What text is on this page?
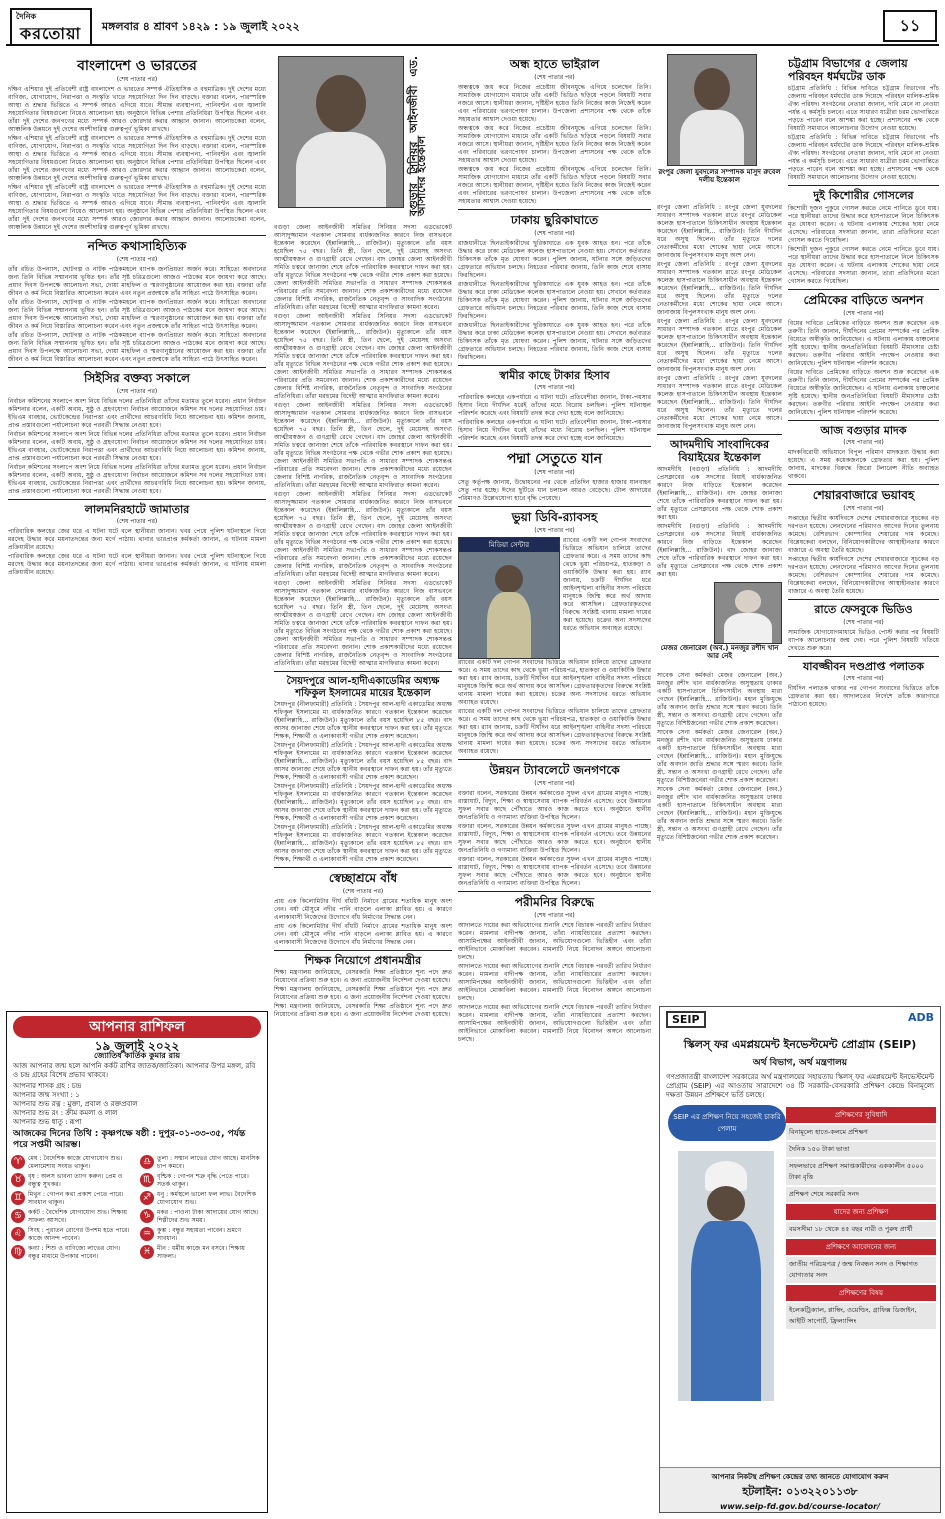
দৈনিক
করতোয়া মঙ্গলবার ৪ শ্রাবণ ১৪২৯ : ১৯ জুলাই ২০২২	১১
বাংলাদেশ ও ভারতের
(শেষ পাতার পর)

দক্ষিণ এশিয়ার দুই প্রতিবেশী রাষ্ট্র বাংলাদেশ ও ভারতের সম্পর্ক ঐতিহাসিক ও বহুমাত্রিক। দুই দেশের মধ্যে বাণিজ্য, যোগাযোগ, নিরাপত্তা ও সংস্কৃতি খাতে সহযোগিতা দিন দিন বাড়ছে। বক্তারা বলেন, পারস্পরিক আস্থা ও শ্রদ্ধার ভিত্তিতে এ সম্পর্ক আরও এগিয়ে যাবে। সীমান্ত ব্যবস্থাপনা, পানিবণ্টন এবং জ্বালানি সহযোগিতার বিষয়গুলো নিয়েও আলোচনা হয়। অনুষ্ঠানে বিভিন্ন পেশার প্রতিনিধিরা উপস্থিত ছিলেন এবং তাঁরা দুই দেশের জনগণের মধ্যে সম্পর্ক আরও জোরদার করার আহ্বান জানান। আলোচকেরা বলেন, আঞ্চলিক উন্নয়নে দুই দেশের অংশীদারিত্ব গুরুত্বপূর্ণ ভূমিকা রাখছে।

দক্ষিণ এশিয়ার দুই প্রতিবেশী রাষ্ট্র বাংলাদেশ ও ভারতের সম্পর্ক ঐতিহাসিক ও বহুমাত্রিক। দুই দেশের মধ্যে বাণিজ্য, যোগাযোগ, নিরাপত্তা ও সংস্কৃতি খাতে সহযোগিতা দিন দিন বাড়ছে। বক্তারা বলেন, পারস্পরিক আস্থা ও শ্রদ্ধার ভিত্তিতে এ সম্পর্ক আরও এগিয়ে যাবে। সীমান্ত ব্যবস্থাপনা, পানিবণ্টন এবং জ্বালানি সহযোগিতার বিষয়গুলো নিয়েও আলোচনা হয়। অনুষ্ঠানে বিভিন্ন পেশার প্রতিনিধিরা উপস্থিত ছিলেন এবং তাঁরা দুই দেশের জনগণের মধ্যে সম্পর্ক আরও জোরদার করার আহ্বান জানান। আলোচকেরা বলেন, আঞ্চলিক উন্নয়নে দুই দেশের অংশীদারিত্ব গুরুত্বপূর্ণ ভূমিকা রাখছে।

দক্ষিণ এশিয়ার দুই প্রতিবেশী রাষ্ট্র বাংলাদেশ ও ভারতের সম্পর্ক ঐতিহাসিক ও বহুমাত্রিক। দুই দেশের মধ্যে বাণিজ্য, যোগাযোগ, নিরাপত্তা ও সংস্কৃতি খাতে সহযোগিতা দিন দিন বাড়ছে। বক্তারা বলেন, পারস্পরিক আস্থা ও শ্রদ্ধার ভিত্তিতে এ সম্পর্ক আরও এগিয়ে যাবে। সীমান্ত ব্যবস্থাপনা, পানিবণ্টন এবং জ্বালানি সহযোগিতার বিষয়গুলো নিয়েও আলোচনা হয়। অনুষ্ঠানে বিভিন্ন পেশার প্রতিনিধিরা উপস্থিত ছিলেন এবং তাঁরা দুই দেশের জনগণের মধ্যে সম্পর্ক আরও জোরদার করার আহ্বান জানান। আলোচকেরা বলেন, আঞ্চলিক উন্নয়নে দুই দেশের অংশীদারিত্ব গুরুত্বপূর্ণ ভূমিকা রাখছে।

নন্দিত কথাসাহিত্যিক
(শেষ পাতার পর)

তাঁর রচিত উপন্যাস, ছোটগল্প ও নাটক পাঠকমহলে ব্যাপক জনপ্রিয়তা অর্জন করে। সাহিত্যে অবদানের জন্য তিনি বিভিন্ন সম্মাননায় ভূষিত হন। তাঁর সৃষ্ট চরিত্রগুলো আজও পাঠকের মনে জায়গা করে আছে। প্রয়াণ দিবস উপলক্ষে আলোচনা সভা, দোয়া মাহফিল ও স্মরণানুষ্ঠানের আয়োজন করা হয়। বক্তারা তাঁর জীবন ও কর্ম নিয়ে বিস্তারিত আলোচনা করেন এবং নতুন প্রজন্মকে তাঁর সাহিত্য পাঠে উৎসাহিত করেন।

তাঁর রচিত উপন্যাস, ছোটগল্প ও নাটক পাঠকমহলে ব্যাপক জনপ্রিয়তা অর্জন করে। সাহিত্যে অবদানের জন্য তিনি বিভিন্ন সম্মাননায় ভূষিত হন। তাঁর সৃষ্ট চরিত্রগুলো আজও পাঠকের মনে জায়গা করে আছে। প্রয়াণ দিবস উপলক্ষে আলোচনা সভা, দোয়া মাহফিল ও স্মরণানুষ্ঠানের আয়োজন করা হয়। বক্তারা তাঁর জীবন ও কর্ম নিয়ে বিস্তারিত আলোচনা করেন এবং নতুন প্রজন্মকে তাঁর সাহিত্য পাঠে উৎসাহিত করেন।

তাঁর রচিত উপন্যাস, ছোটগল্প ও নাটক পাঠকমহলে ব্যাপক জনপ্রিয়তা অর্জন করে। সাহিত্যে অবদানের জন্য তিনি বিভিন্ন সম্মাননায় ভূষিত হন। তাঁর সৃষ্ট চরিত্রগুলো আজও পাঠকের মনে জায়গা করে আছে। প্রয়াণ দিবস উপলক্ষে আলোচনা সভা, দোয়া মাহফিল ও স্মরণানুষ্ঠানের আয়োজন করা হয়। বক্তারা তাঁর জীবন ও কর্ম নিয়ে বিস্তারিত আলোচনা করেন এবং নতুন প্রজন্মকে তাঁর সাহিত্য পাঠে উৎসাহিত করেন।

সিইসির বক্তব্য সকালে
(শেষ পাতার পর)

নির্বাচন কমিশনের সংলাপে অংশ নিয়ে বিভিন্ন দলের প্রতিনিধিরা তাঁদের মতামত তুলে ধরেন। প্রধান নির্বাচন কমিশনার বলেন, একটি অবাধ, সুষ্ঠু ও গ্রহণযোগ্য নির্বাচন আয়োজনে কমিশন সব দলের সহযোগিতা চায়। ইভিএম ব্যবহার, ভোটকেন্দ্রের নিরাপত্তা এবং প্রার্থীদের আচরণবিধি নিয়ে আলোচনা হয়। কমিশন জানায়, প্রাপ্ত প্রস্তাবগুলো পর্যালোচনা করে পরবর্তী সিদ্ধান্ত নেওয়া হবে।

নির্বাচন কমিশনের সংলাপে অংশ নিয়ে বিভিন্ন দলের প্রতিনিধিরা তাঁদের মতামত তুলে ধরেন। প্রধান নির্বাচন কমিশনার বলেন, একটি অবাধ, সুষ্ঠু ও গ্রহণযোগ্য নির্বাচন আয়োজনে কমিশন সব দলের সহযোগিতা চায়। ইভিএম ব্যবহার, ভোটকেন্দ্রের নিরাপত্তা এবং প্রার্থীদের আচরণবিধি নিয়ে আলোচনা হয়। কমিশন জানায়, প্রাপ্ত প্রস্তাবগুলো পর্যালোচনা করে পরবর্তী সিদ্ধান্ত নেওয়া হবে।

নির্বাচন কমিশনের সংলাপে অংশ নিয়ে বিভিন্ন দলের প্রতিনিধিরা তাঁদের মতামত তুলে ধরেন। প্রধান নির্বাচন কমিশনার বলেন, একটি অবাধ, সুষ্ঠু ও গ্রহণযোগ্য নির্বাচন আয়োজনে কমিশন সব দলের সহযোগিতা চায়। ইভিএম ব্যবহার, ভোটকেন্দ্রের নিরাপত্তা এবং প্রার্থীদের আচরণবিধি নিয়ে আলোচনা হয়। কমিশন জানায়, প্রাপ্ত প্রস্তাবগুলো পর্যালোচনা করে পরবর্তী সিদ্ধান্ত নেওয়া হবে।

লালমনিরহাটে জামাতার
(শেষ পাতার পর)

পারিবারিক কলহের জের ধরে এ ঘটনা ঘটে বলে স্থানীয়রা জানান। খবর পেয়ে পুলিশ ঘটনাস্থলে গিয়ে মরদেহ উদ্ধার করে ময়নাতদন্তের জন্য মর্গে পাঠায়। থানার ভারপ্রাপ্ত কর্মকর্তা জানান, এ ঘটনায় মামলা প্রক্রিয়াধীন রয়েছে।

পারিবারিক কলহের জের ধরে এ ঘটনা ঘটে বলে স্থানীয়রা জানান। খবর পেয়ে পুলিশ ঘটনাস্থলে গিয়ে মরদেহ উদ্ধার করে ময়নাতদন্তের জন্য মর্গে পাঠায়। থানার ভারপ্রাপ্ত কর্মকর্তা জানান, এ ঘটনায় মামলা প্রক্রিয়াধীন রয়েছে।

আপনার রাশিফল
১৯ জুলাই ২০২২
জ্যোতিষ কার্তিক কুমার রায়
আজ আপনার জন্ম হলে আপনি কর্কট রাশির জাতক/জাতিকা। আপনার উপর মঙ্গল, রবি ও চন্দ্র গ্রহের বিশেষ প্রভাব থাকবে।
আপনার শাসক গ্রহ : চন্দ্র
আপনার জন্ম সংখ্যা : ১
আপনার শুভ রত্ন : মুক্তা, প্রবাল ও রক্তপ্রবাল
আপনার শুভ রং : ক্রীম কমলা ও লাল
আপনার শুভ ধাতু : রূপা
আজকের দিনের তিথি : কৃষ্ণপক্ষে ষষ্ঠী : দুপুর-০১-৩৩-৩৫, পর্যন্ত পরে সপ্তমী আরম্ভ।
♈ মেষ : বৈদেশিক কাজে যোগাযোগ শুভ। মেলামেশায় সংযত থাকুন।	♎ তুলা : সম্মান লাভের যোগ আছে। মানসিক চাপ কমবে।
♉ বৃষ : অলস ভাবনা ত্যাগ করুন। প্রেম ও বন্ধুত্ব সুখকর।	♏ বৃশ্চিক : গোপন শত্রু বৃদ্ধি পেতে পারে। সতর্ক থাকুন।
♊ মিথুন : গোপন কথা প্রকাশ পেতে পারে। সাবধান থাকুন।	♐ ধনু : কর্মস্থলে ভালো ফল লাভ। বৈদেশিক যোগাযোগ শুভ।
♋ কর্কট : বৈদেশিক যোগাযোগ শুভ। শিক্ষায় সাফল্য আসবে।	♑ মকর : পাওনা টাকা আদায়ের যোগ আছে। শিল্পীদের শুভ সময়।
♌ সিংহ : পুরাতন রোগের উপশম হতে পারে। কাজে আনন্দ পাবেন।	♒ কুম্ভ : বন্ধুর সহায়তা পাবেন। ভ্রমণে সাবধান।
♍ কন্যা : শিশু ও বাণিজ্যে লাভের যোগ। বন্ধুর মাধ্যমে উপকার পাবেন।	♓ মীন : ধর্মীয় কাজে মন বসবে। শিক্ষায় সাফল্য।
বগুড়ার সিনিয়র আইনজীবী এড. আসাদের ইন্তেকাল

বগুড়া জেলা আইনজীবী সমিতির সিনিয়র সদস্য এডভোকেট আসাদুজ্জামান গতকাল সোমবার বার্ধক্যজনিত কারণে নিজ বাসভবনে ইন্তেকাল করেছেন (ইন্নালিল্লাহি... রাজিউন)। মৃত্যুকালে তাঁর বয়স হয়েছিল ৭৫ বছর। তিনি স্ত্রী, তিন ছেলে, দুই মেয়েসহ অসংখ্য আত্মীয়স্বজন ও গুণগ্রাহী রেখে গেছেন। বাদ জোহর জেলা আইনজীবী সমিতি চত্বরে জানাজা শেষে তাঁকে পারিবারিক কবরস্থানে দাফন করা হয়। তাঁর মৃত্যুতে বিভিন্ন সংগঠনের পক্ষ থেকে গভীর শোক প্রকাশ করা হয়েছে। জেলা আইনজীবী সমিতির সভাপতি ও সাধারণ সম্পাদক শোকসন্তপ্ত পরিবারের প্রতি সমবেদনা জানান। শোক প্রকাশকারীদের মধ্যে রয়েছেন জেলার বিশিষ্ট নাগরিক, রাজনৈতিক নেতৃবৃন্দ ও সাংবাদিক সংগঠনের প্রতিনিধিরা। তাঁরা মরহুমের বিদেহী আত্মার মাগফিরাত কামনা করেন।

বগুড়া জেলা আইনজীবী সমিতির সিনিয়র সদস্য এডভোকেট আসাদুজ্জামান গতকাল সোমবার বার্ধক্যজনিত কারণে নিজ বাসভবনে ইন্তেকাল করেছেন (ইন্নালিল্লাহি... রাজিউন)। মৃত্যুকালে তাঁর বয়স হয়েছিল ৭৫ বছর। তিনি স্ত্রী, তিন ছেলে, দুই মেয়েসহ অসংখ্য আত্মীয়স্বজন ও গুণগ্রাহী রেখে গেছেন। বাদ জোহর জেলা আইনজীবী সমিতি চত্বরে জানাজা শেষে তাঁকে পারিবারিক কবরস্থানে দাফন করা হয়। তাঁর মৃত্যুতে বিভিন্ন সংগঠনের পক্ষ থেকে গভীর শোক প্রকাশ করা হয়েছে। জেলা আইনজীবী সমিতির সভাপতি ও সাধারণ সম্পাদক শোকসন্তপ্ত পরিবারের প্রতি সমবেদনা জানান। শোক প্রকাশকারীদের মধ্যে রয়েছেন জেলার বিশিষ্ট নাগরিক, রাজনৈতিক নেতৃবৃন্দ ও সাংবাদিক সংগঠনের প্রতিনিধিরা। তাঁরা মরহুমের বিদেহী আত্মার মাগফিরাত কামনা করেন।

বগুড়া জেলা আইনজীবী সমিতির সিনিয়র সদস্য এডভোকেট আসাদুজ্জামান গতকাল সোমবার বার্ধক্যজনিত কারণে নিজ বাসভবনে ইন্তেকাল করেছেন (ইন্নালিল্লাহি... রাজিউন)। মৃত্যুকালে তাঁর বয়স হয়েছিল ৭৫ বছর। তিনি স্ত্রী, তিন ছেলে, দুই মেয়েসহ অসংখ্য আত্মীয়স্বজন ও গুণগ্রাহী রেখে গেছেন। বাদ জোহর জেলা আইনজীবী সমিতি চত্বরে জানাজা শেষে তাঁকে পারিবারিক কবরস্থানে দাফন করা হয়। তাঁর মৃত্যুতে বিভিন্ন সংগঠনের পক্ষ থেকে গভীর শোক প্রকাশ করা হয়েছে। জেলা আইনজীবী সমিতির সভাপতি ও সাধারণ সম্পাদক শোকসন্তপ্ত পরিবারের প্রতি সমবেদনা জানান। শোক প্রকাশকারীদের মধ্যে রয়েছেন জেলার বিশিষ্ট নাগরিক, রাজনৈতিক নেতৃবৃন্দ ও সাংবাদিক সংগঠনের প্রতিনিধিরা। তাঁরা মরহুমের বিদেহী আত্মার মাগফিরাত কামনা করেন।

বগুড়া জেলা আইনজীবী সমিতির সিনিয়র সদস্য এডভোকেট আসাদুজ্জামান গতকাল সোমবার বার্ধক্যজনিত কারণে নিজ বাসভবনে ইন্তেকাল করেছেন (ইন্নালিল্লাহি... রাজিউন)। মৃত্যুকালে তাঁর বয়স হয়েছিল ৭৫ বছর। তিনি স্ত্রী, তিন ছেলে, দুই মেয়েসহ অসংখ্য আত্মীয়স্বজন ও গুণগ্রাহী রেখে গেছেন। বাদ জোহর জেলা আইনজীবী সমিতি চত্বরে জানাজা শেষে তাঁকে পারিবারিক কবরস্থানে দাফন করা হয়। তাঁর মৃত্যুতে বিভিন্ন সংগঠনের পক্ষ থেকে গভীর শোক প্রকাশ করা হয়েছে। জেলা আইনজীবী সমিতির সভাপতি ও সাধারণ সম্পাদক শোকসন্তপ্ত পরিবারের প্রতি সমবেদনা জানান। শোক প্রকাশকারীদের মধ্যে রয়েছেন জেলার বিশিষ্ট নাগরিক, রাজনৈতিক নেতৃবৃন্দ ও সাংবাদিক সংগঠনের প্রতিনিধিরা। তাঁরা মরহুমের বিদেহী আত্মার মাগফিরাত কামনা করেন।

বগুড়া জেলা আইনজীবী সমিতির সিনিয়র সদস্য এডভোকেট আসাদুজ্জামান গতকাল সোমবার বার্ধক্যজনিত কারণে নিজ বাসভবনে ইন্তেকাল করেছেন (ইন্নালিল্লাহি... রাজিউন)। মৃত্যুকালে তাঁর বয়স হয়েছিল ৭৫ বছর। তিনি স্ত্রী, তিন ছেলে, দুই মেয়েসহ অসংখ্য আত্মীয়স্বজন ও গুণগ্রাহী রেখে গেছেন। বাদ জোহর জেলা আইনজীবী সমিতি চত্বরে জানাজা শেষে তাঁকে পারিবারিক কবরস্থানে দাফন করা হয়। তাঁর মৃত্যুতে বিভিন্ন সংগঠনের পক্ষ থেকে গভীর শোক প্রকাশ করা হয়েছে। জেলা আইনজীবী সমিতির সভাপতি ও সাধারণ সম্পাদক শোকসন্তপ্ত পরিবারের প্রতি সমবেদনা জানান। শোক প্রকাশকারীদের মধ্যে রয়েছেন জেলার বিশিষ্ট নাগরিক, রাজনৈতিক নেতৃবৃন্দ ও সাংবাদিক সংগঠনের প্রতিনিধিরা। তাঁরা মরহুমের বিদেহী আত্মার মাগফিরাত কামনা করেন।

সৈয়দপুরে আল-হাদীএকাডেমির অধ্যক্ষ শফিকুল ইসলামের মায়ের ইন্তেকাল

সৈয়দপুর (নীলফামারী) প্রতিনিধি : সৈয়দপুর আল-হাদী একাডেমির অধ্যক্ষ শফিকুল ইসলামের মা বার্ধক্যজনিত কারণে গতকাল ইন্তেকাল করেছেন (ইন্নালিল্লাহি... রাজিউন)। মৃত্যুকালে তাঁর বয়স হয়েছিল ৮৫ বছর। বাদ আসর জানাজা শেষে তাঁকে স্থানীয় কবরস্থানে দাফন করা হয়। তাঁর মৃত্যুতে শিক্ষক, শিক্ষার্থী ও এলাকাবাসী গভীর শোক প্রকাশ করেছেন।

সৈয়দপুর (নীলফামারী) প্রতিনিধি : সৈয়দপুর আল-হাদী একাডেমির অধ্যক্ষ শফিকুল ইসলামের মা বার্ধক্যজনিত কারণে গতকাল ইন্তেকাল করেছেন (ইন্নালিল্লাহি... রাজিউন)। মৃত্যুকালে তাঁর বয়স হয়েছিল ৮৫ বছর। বাদ আসর জানাজা শেষে তাঁকে স্থানীয় কবরস্থানে দাফন করা হয়। তাঁর মৃত্যুতে শিক্ষক, শিক্ষার্থী ও এলাকাবাসী গভীর শোক প্রকাশ করেছেন।

সৈয়দপুর (নীলফামারী) প্রতিনিধি : সৈয়দপুর আল-হাদী একাডেমির অধ্যক্ষ শফিকুল ইসলামের মা বার্ধক্যজনিত কারণে গতকাল ইন্তেকাল করেছেন (ইন্নালিল্লাহি... রাজিউন)। মৃত্যুকালে তাঁর বয়স হয়েছিল ৮৫ বছর। বাদ আসর জানাজা শেষে তাঁকে স্থানীয় কবরস্থানে দাফন করা হয়। তাঁর মৃত্যুতে শিক্ষক, শিক্ষার্থী ও এলাকাবাসী গভীর শোক প্রকাশ করেছেন।

সৈয়দপুর (নীলফামারী) প্রতিনিধি : সৈয়দপুর আল-হাদী একাডেমির অধ্যক্ষ শফিকুল ইসলামের মা বার্ধক্যজনিত কারণে গতকাল ইন্তেকাল করেছেন (ইন্নালিল্লাহি... রাজিউন)। মৃত্যুকালে তাঁর বয়স হয়েছিল ৮৫ বছর। বাদ আসর জানাজা শেষে তাঁকে স্থানীয় কবরস্থানে দাফন করা হয়। তাঁর মৃত্যুতে শিক্ষক, শিক্ষার্থী ও এলাকাবাসী গভীর শোক প্রকাশ করেছেন।

স্বেচ্ছাশ্রমে বাঁধ
(শেষ পাতার পর)

প্রায় এক কিলোমিটার দীর্ঘ বাঁধটি নির্মাণে গ্রামের শতাধিক মানুষ অংশ নেন। বর্ষা মৌসুমে নদীর পানি বাড়লে এলাকা প্লাবিত হয়। এ কারণে এলাকাবাসী নিজেদের উদ্যোগে বাঁধ নির্মাণের সিদ্ধান্ত নেন।

প্রায় এক কিলোমিটার দীর্ঘ বাঁধটি নির্মাণে গ্রামের শতাধিক মানুষ অংশ নেন। বর্ষা মৌসুমে নদীর পানি বাড়লে এলাকা প্লাবিত হয়। এ কারণে এলাকাবাসী নিজেদের উদ্যোগে বাঁধ নির্মাণের সিদ্ধান্ত নেন।

শিক্ষক নিয়োগে প্রধানমন্ত্রীর

শিক্ষা মন্ত্রণালয় জানিয়েছে, বেসরকারি শিক্ষা প্রতিষ্ঠানে শূন্য পদে দ্রুত নিয়োগের প্রক্রিয়া শুরু হবে। এ জন্য প্রয়োজনীয় নির্দেশনা দেওয়া হয়েছে।

শিক্ষা মন্ত্রণালয় জানিয়েছে, বেসরকারি শিক্ষা প্রতিষ্ঠানে শূন্য পদে দ্রুত নিয়োগের প্রক্রিয়া শুরু হবে। এ জন্য প্রয়োজনীয় নির্দেশনা দেওয়া হয়েছে।

শিক্ষা মন্ত্রণালয় জানিয়েছে, বেসরকারি শিক্ষা প্রতিষ্ঠানে শূন্য পদে দ্রুত নিয়োগের প্রক্রিয়া শুরু হবে। এ জন্য প্রয়োজনীয় নির্দেশনা দেওয়া হয়েছে।

অন্ধ হাতে ভাইরাল
(শেষ পাতার পর)

অন্ধত্বকে জয় করে নিজের প্রচেষ্টায় জীবনযুদ্ধে এগিয়ে চলেছেন তিনি। সামাজিক যোগাযোগ মাধ্যমে তাঁর একটি ভিডিও ছড়িয়ে পড়লে বিষয়টি সবার নজরে আসে। স্থানীয়রা জানান, দৃষ্টিহীন হয়েও তিনি নিজের কাজ নিজেই করেন এবং পরিবারের ভরণপোষণ চালান। উপজেলা প্রশাসনের পক্ষ থেকে তাঁকে সহায়তার আশ্বাস দেওয়া হয়েছে।

অন্ধত্বকে জয় করে নিজের প্রচেষ্টায় জীবনযুদ্ধে এগিয়ে চলেছেন তিনি। সামাজিক যোগাযোগ মাধ্যমে তাঁর একটি ভিডিও ছড়িয়ে পড়লে বিষয়টি সবার নজরে আসে। স্থানীয়রা জানান, দৃষ্টিহীন হয়েও তিনি নিজের কাজ নিজেই করেন এবং পরিবারের ভরণপোষণ চালান। উপজেলা প্রশাসনের পক্ষ থেকে তাঁকে সহায়তার আশ্বাস দেওয়া হয়েছে।

অন্ধত্বকে জয় করে নিজের প্রচেষ্টায় জীবনযুদ্ধে এগিয়ে চলেছেন তিনি। সামাজিক যোগাযোগ মাধ্যমে তাঁর একটি ভিডিও ছড়িয়ে পড়লে বিষয়টি সবার নজরে আসে। স্থানীয়রা জানান, দৃষ্টিহীন হয়েও তিনি নিজের কাজ নিজেই করেন এবং পরিবারের ভরণপোষণ চালান। উপজেলা প্রশাসনের পক্ষ থেকে তাঁকে সহায়তার আশ্বাস দেওয়া হয়েছে।

ঢাকায় ছুরিকাঘাতে
(শেষ পাতার পর)

রাজধানীতে ছিনতাইকারীদের ছুরিকাঘাতে এক যুবক আহত হন। পরে তাঁকে উদ্ধার করে ঢাকা মেডিকেল কলেজ হাসপাতালে নেওয়া হয়। সেখানে কর্তব্যরত চিকিৎসক তাঁকে মৃত ঘোষণা করেন। পুলিশ জানায়, ঘটনার সঙ্গে জড়িতদের গ্রেফতারে অভিযান চলছে। নিহতের পরিবার জানায়, তিনি কাজ শেষে বাসায় ফিরছিলেন।

রাজধানীতে ছিনতাইকারীদের ছুরিকাঘাতে এক যুবক আহত হন। পরে তাঁকে উদ্ধার করে ঢাকা মেডিকেল কলেজ হাসপাতালে নেওয়া হয়। সেখানে কর্তব্যরত চিকিৎসক তাঁকে মৃত ঘোষণা করেন। পুলিশ জানায়, ঘটনার সঙ্গে জড়িতদের গ্রেফতারে অভিযান চলছে। নিহতের পরিবার জানায়, তিনি কাজ শেষে বাসায় ফিরছিলেন।

রাজধানীতে ছিনতাইকারীদের ছুরিকাঘাতে এক যুবক আহত হন। পরে তাঁকে উদ্ধার করে ঢাকা মেডিকেল কলেজ হাসপাতালে নেওয়া হয়। সেখানে কর্তব্যরত চিকিৎসক তাঁকে মৃত ঘোষণা করেন। পুলিশ জানায়, ঘটনার সঙ্গে জড়িতদের গ্রেফতারে অভিযান চলছে। নিহতের পরিবার জানায়, তিনি কাজ শেষে বাসায় ফিরছিলেন।

স্বামীর কাছে টাকার হিসাব
(শেষ পাতার পর)

পারিবারিক কলহের একপর্যায়ে এ ঘটনা ঘটে। প্রতিবেশীরা জানান, টাকা-পয়সার হিসাব নিয়ে দীর্ঘদিন ধরেই তাঁদের মধ্যে বিরোধ চলছিল। পুলিশ ঘটনাস্থল পরিদর্শন করেছে এবং বিষয়টি তদন্ত করে দেখা হচ্ছে বলে জানিয়েছে।

পারিবারিক কলহের একপর্যায়ে এ ঘটনা ঘটে। প্রতিবেশীরা জানান, টাকা-পয়সার হিসাব নিয়ে দীর্ঘদিন ধরেই তাঁদের মধ্যে বিরোধ চলছিল। পুলিশ ঘটনাস্থল পরিদর্শন করেছে এবং বিষয়টি তদন্ত করে দেখা হচ্ছে বলে জানিয়েছে।

পদ্মা সেতুতে যান
(শেষ পাতার পর)

সেতু কর্তৃপক্ষ জানায়, উদ্বোধনের পর থেকে প্রতিদিন হাজার হাজার যানবাহন সেতু পার হচ্ছে। ঈদের ছুটিতে যান চলাচল আরও বেড়েছে। টোল আদায়ের পরিমাণও উল্লেখযোগ্য হারে বৃদ্ধি পেয়েছে।

ভুয়া ডিবি-র‌্যাবসহ
(শেষ পাতার পর)
মিডিয়া সেন্টার

র‌্যাবের একটি দল গোপন সংবাদের ভিত্তিতে অভিযান চালিয়ে তাদের গ্রেফতার করে। এ সময় তাদের কাছ থেকে ভুয়া পরিচয়পত্র, হাতকড়া ও ওয়াকিটকি উদ্ধার করা হয়। র‌্যাব জানায়, চক্রটি দীর্ঘদিন ধরে আইনশৃঙ্খলা বাহিনীর সদস্য পরিচয়ে মানুষকে জিম্মি করে অর্থ আদায় করে আসছিল। গ্রেফতারকৃতদের বিরুদ্ধে সংশ্লিষ্ট থানায় মামলা দায়ের করা হয়েছে। চক্রের অন্য সদস্যদের ধরতে অভিযান অব্যাহত রয়েছে।

র‌্যাবের একটি দল গোপন সংবাদের ভিত্তিতে অভিযান চালিয়ে তাদের গ্রেফতার করে। এ সময় তাদের কাছ থেকে ভুয়া পরিচয়পত্র, হাতকড়া ও ওয়াকিটকি উদ্ধার করা হয়। র‌্যাব জানায়, চক্রটি দীর্ঘদিন ধরে আইনশৃঙ্খলা বাহিনীর সদস্য পরিচয়ে মানুষকে জিম্মি করে অর্থ আদায় করে আসছিল। গ্রেফতারকৃতদের বিরুদ্ধে সংশ্লিষ্ট থানায় মামলা দায়ের করা হয়েছে। চক্রের অন্য সদস্যদের ধরতে অভিযান অব্যাহত রয়েছে।

র‌্যাবের একটি দল গোপন সংবাদের ভিত্তিতে অভিযান চালিয়ে তাদের গ্রেফতার করে। এ সময় তাদের কাছ থেকে ভুয়া পরিচয়পত্র, হাতকড়া ও ওয়াকিটকি উদ্ধার করা হয়। র‌্যাব জানায়, চক্রটি দীর্ঘদিন ধরে আইনশৃঙ্খলা বাহিনীর সদস্য পরিচয়ে মানুষকে জিম্মি করে অর্থ আদায় করে আসছিল। গ্রেফতারকৃতদের বিরুদ্ধে সংশ্লিষ্ট থানায় মামলা দায়ের করা হয়েছে। চক্রের অন্য সদস্যদের ধরতে অভিযান অব্যাহত রয়েছে।

উন্নয়ন ট্যাবলেটে জনগণকে
(শেষ পাতার পর)

বক্তারা বলেন, সরকারের উন্নয়ন কর্মকাণ্ডের সুফল এখন গ্রামের মানুষও পাচ্ছে। রাস্তাঘাট, বিদ্যুৎ, শিক্ষা ও স্বাস্থ্যসেবায় ব্যাপক পরিবর্তন এসেছে। তবে উন্নয়নের সুফল সবার কাছে পৌঁছাতে আরও কাজ করতে হবে। অনুষ্ঠানে স্থানীয় জনপ্রতিনিধি ও গণ্যমান্য ব্যক্তিরা উপস্থিত ছিলেন।

বক্তারা বলেন, সরকারের উন্নয়ন কর্মকাণ্ডের সুফল এখন গ্রামের মানুষও পাচ্ছে। রাস্তাঘাট, বিদ্যুৎ, শিক্ষা ও স্বাস্থ্যসেবায় ব্যাপক পরিবর্তন এসেছে। তবে উন্নয়নের সুফল সবার কাছে পৌঁছাতে আরও কাজ করতে হবে। অনুষ্ঠানে স্থানীয় জনপ্রতিনিধি ও গণ্যমান্য ব্যক্তিরা উপস্থিত ছিলেন।

বক্তারা বলেন, সরকারের উন্নয়ন কর্মকাণ্ডের সুফল এখন গ্রামের মানুষও পাচ্ছে। রাস্তাঘাট, বিদ্যুৎ, শিক্ষা ও স্বাস্থ্যসেবায় ব্যাপক পরিবর্তন এসেছে। তবে উন্নয়নের সুফল সবার কাছে পৌঁছাতে আরও কাজ করতে হবে। অনুষ্ঠানে স্থানীয় জনপ্রতিনিধি ও গণ্যমান্য ব্যক্তিরা উপস্থিত ছিলেন।

পরীমনির বিরুদ্ধে
(শেষ পাতার পর)

আদালতে দায়ের করা অভিযোগের শুনানি শেষে বিচারক পরবর্তী তারিখ নির্ধারণ করেন। মামলার বাদীপক্ষ জানায়, তাঁরা ন্যায়বিচারের প্রত্যাশা করছেন। আসামিপক্ষের আইনজীবী জানান, অভিযোগগুলো ভিত্তিহীন এবং তাঁরা আইনিভাবে মোকাবিলা করবেন। মামলাটি নিয়ে বিনোদন অঙ্গনে আলোচনা চলছে।

আদালতে দায়ের করা অভিযোগের শুনানি শেষে বিচারক পরবর্তী তারিখ নির্ধারণ করেন। মামলার বাদীপক্ষ জানায়, তাঁরা ন্যায়বিচারের প্রত্যাশা করছেন। আসামিপক্ষের আইনজীবী জানান, অভিযোগগুলো ভিত্তিহীন এবং তাঁরা আইনিভাবে মোকাবিলা করবেন। মামলাটি নিয়ে বিনোদন অঙ্গনে আলোচনা চলছে।

আদালতে দায়ের করা অভিযোগের শুনানি শেষে বিচারক পরবর্তী তারিখ নির্ধারণ করেন। মামলার বাদীপক্ষ জানায়, তাঁরা ন্যায়বিচারের প্রত্যাশা করছেন। আসামিপক্ষের আইনজীবী জানান, অভিযোগগুলো ভিত্তিহীন এবং তাঁরা আইনিভাবে মোকাবিলা করবেন। মামলাটি নিয়ে বিনোদন অঙ্গনে আলোচনা চলছে।

রংপুর জেলা যুবদলের সম্পাদক মাসুদ রুবেল দলীয় ইন্তেকাল

রংপুর জেলা প্রতিনিধি : রংপুর জেলা যুবদলের সাধারণ সম্পাদক গতকাল রাতে রংপুর মেডিকেল কলেজ হাসপাতালে চিকিৎসাধীন অবস্থায় ইন্তেকাল করেছেন (ইন্নালিল্লাহি... রাজিউন)। তিনি দীর্ঘদিন ধরে অসুস্থ ছিলেন। তাঁর মৃত্যুতে দলের নেতাকর্মীদের মধ্যে শোকের ছায়া নেমে আসে। জানাজায় বিপুলসংখ্যক মানুষ অংশ নেন।

রংপুর জেলা প্রতিনিধি : রংপুর জেলা যুবদলের সাধারণ সম্পাদক গতকাল রাতে রংপুর মেডিকেল কলেজ হাসপাতালে চিকিৎসাধীন অবস্থায় ইন্তেকাল করেছেন (ইন্নালিল্লাহি... রাজিউন)। তিনি দীর্ঘদিন ধরে অসুস্থ ছিলেন। তাঁর মৃত্যুতে দলের নেতাকর্মীদের মধ্যে শোকের ছায়া নেমে আসে। জানাজায় বিপুলসংখ্যক মানুষ অংশ নেন।

রংপুর জেলা প্রতিনিধি : রংপুর জেলা যুবদলের সাধারণ সম্পাদক গতকাল রাতে রংপুর মেডিকেল কলেজ হাসপাতালে চিকিৎসাধীন অবস্থায় ইন্তেকাল করেছেন (ইন্নালিল্লাহি... রাজিউন)। তিনি দীর্ঘদিন ধরে অসুস্থ ছিলেন। তাঁর মৃত্যুতে দলের নেতাকর্মীদের মধ্যে শোকের ছায়া নেমে আসে। জানাজায় বিপুলসংখ্যক মানুষ অংশ নেন।

রংপুর জেলা প্রতিনিধি : রংপুর জেলা যুবদলের সাধারণ সম্পাদক গতকাল রাতে রংপুর মেডিকেল কলেজ হাসপাতালে চিকিৎসাধীন অবস্থায় ইন্তেকাল করেছেন (ইন্নালিল্লাহি... রাজিউন)। তিনি দীর্ঘদিন ধরে অসুস্থ ছিলেন। তাঁর মৃত্যুতে দলের নেতাকর্মীদের মধ্যে শোকের ছায়া নেমে আসে। জানাজায় বিপুলসংখ্যক মানুষ অংশ নেন।

আদমদীঘি সাংবাদিকের বিয়াইয়ের ইন্তেকাল

আদমদীঘি (বগুড়া) প্রতিনিধি : আদমদীঘি প্রেসক্লাবের এক সদস্যের বিয়াই বার্ধক্যজনিত কারণে নিজ বাড়িতে ইন্তেকাল করেছেন (ইন্নালিল্লাহি... রাজিউন)। বাদ জোহর জানাজা শেষে তাঁকে পারিবারিক কবরস্থানে দাফন করা হয়। তাঁর মৃত্যুতে প্রেসক্লাবের পক্ষ থেকে শোক প্রকাশ করা হয়।

আদমদীঘি (বগুড়া) প্রতিনিধি : আদমদীঘি প্রেসক্লাবের এক সদস্যের বিয়াই বার্ধক্যজনিত কারণে নিজ বাড়িতে ইন্তেকাল করেছেন (ইন্নালিল্লাহি... রাজিউন)। বাদ জোহর জানাজা শেষে তাঁকে পারিবারিক কবরস্থানে দাফন করা হয়। তাঁর মৃত্যুতে প্রেসক্লাবের পক্ষ থেকে শোক প্রকাশ করা হয়।

মেজর জেনারেল (অব.) মনজুর রশীদ খান আর নেই

সাবেক সেনা কর্মকর্তা মেজর জেনারেল (অব.) মনজুর রশীদ খান বার্ধক্যজনিত অসুস্থতায় ঢাকার একটি হাসপাতালে চিকিৎসাধীন অবস্থায় মারা গেছেন (ইন্নালিল্লাহি... রাজিউন)। মহান মুক্তিযুদ্ধে তাঁর অবদান জাতি শ্রদ্ধার সঙ্গে স্মরণ করবে। তিনি স্ত্রী, সন্তান ও অসংখ্য গুণগ্রাহী রেখে গেছেন। তাঁর মৃত্যুতে বিশিষ্টজনেরা গভীর শোক প্রকাশ করেছেন।

সাবেক সেনা কর্মকর্তা মেজর জেনারেল (অব.) মনজুর রশীদ খান বার্ধক্যজনিত অসুস্থতায় ঢাকার একটি হাসপাতালে চিকিৎসাধীন অবস্থায় মারা গেছেন (ইন্নালিল্লাহি... রাজিউন)। মহান মুক্তিযুদ্ধে তাঁর অবদান জাতি শ্রদ্ধার সঙ্গে স্মরণ করবে। তিনি স্ত্রী, সন্তান ও অসংখ্য গুণগ্রাহী রেখে গেছেন। তাঁর মৃত্যুতে বিশিষ্টজনেরা গভীর শোক প্রকাশ করেছেন।

সাবেক সেনা কর্মকর্তা মেজর জেনারেল (অব.) মনজুর রশীদ খান বার্ধক্যজনিত অসুস্থতায় ঢাকার একটি হাসপাতালে চিকিৎসাধীন অবস্থায় মারা গেছেন (ইন্নালিল্লাহি... রাজিউন)। মহান মুক্তিযুদ্ধে তাঁর অবদান জাতি শ্রদ্ধার সঙ্গে স্মরণ করবে। তিনি স্ত্রী, সন্তান ও অসংখ্য গুণগ্রাহী রেখে গেছেন। তাঁর মৃত্যুতে বিশিষ্টজনেরা গভীর শোক প্রকাশ করেছেন।

চট্টগ্রাম বিভাগের ৫ জেলায় পরিবহন ধর্মঘটের ডাক

চট্টগ্রাম প্রতিনিধি : বিভিন্ন দাবিতে চট্টগ্রাম বিভাগের পাঁচ জেলায় পরিবহন ধর্মঘটের ডাক দিয়েছে পরিবহন মালিক-শ্রমিক ঐক্য পরিষদ। সংগঠনের নেতারা জানান, দাবি মেনে না নেওয়া পর্যন্ত এ কর্মসূচি চলবে। এতে সাধারণ যাত্রীরা চরম ভোগান্তিতে পড়তে পারেন বলে আশঙ্কা করা হচ্ছে। প্রশাসনের পক্ষ থেকে বিষয়টি সমাধানে আলোচনার উদ্যোগ নেওয়া হয়েছে।

চট্টগ্রাম প্রতিনিধি : বিভিন্ন দাবিতে চট্টগ্রাম বিভাগের পাঁচ জেলায় পরিবহন ধর্মঘটের ডাক দিয়েছে পরিবহন মালিক-শ্রমিক ঐক্য পরিষদ। সংগঠনের নেতারা জানান, দাবি মেনে না নেওয়া পর্যন্ত এ কর্মসূচি চলবে। এতে সাধারণ যাত্রীরা চরম ভোগান্তিতে পড়তে পারেন বলে আশঙ্কা করা হচ্ছে। প্রশাসনের পক্ষ থেকে বিষয়টি সমাধানে আলোচনার উদ্যোগ নেওয়া হয়েছে।

দুই কিশোরীর গোসলের

কিশোরী দুজন পুকুরে গোসল করতে নেমে পানিতে ডুবে যায়। পরে স্থানীয়রা তাদের উদ্ধার করে হাসপাতালে নিলে চিকিৎসক মৃত ঘোষণা করেন। এ ঘটনায় এলাকায় শোকের ছায়া নেমে এসেছে। পরিবারের সদস্যরা জানান, তারা প্রতিদিনের মতো গোসল করতে গিয়েছিল।

কিশোরী দুজন পুকুরে গোসল করতে নেমে পানিতে ডুবে যায়। পরে স্থানীয়রা তাদের উদ্ধার করে হাসপাতালে নিলে চিকিৎসক মৃত ঘোষণা করেন। এ ঘটনায় এলাকায় শোকের ছায়া নেমে এসেছে। পরিবারের সদস্যরা জানান, তারা প্রতিদিনের মতো গোসল করতে গিয়েছিল।

প্রেমিকের বাড়িতে অনশন
(শেষ পাতার পর)

বিয়ের দাবিতে প্রেমিকের বাড়িতে অনশন শুরু করেছেন এক তরুণী। তিনি জানান, দীর্ঘদিনের প্রেমের সম্পর্কের পর প্রেমিক বিয়েতে অস্বীকৃতি জানিয়েছেন। এ ঘটনায় এলাকায় চাঞ্চল্যের সৃষ্টি হয়েছে। স্থানীয় জনপ্রতিনিধিরা বিষয়টি মীমাংসার চেষ্টা করছেন। তরুণীর পরিবার আইনি পদক্ষেপ নেওয়ার কথা জানিয়েছে। পুলিশ ঘটনাস্থল পরিদর্শন করেছে।

বিয়ের দাবিতে প্রেমিকের বাড়িতে অনশন শুরু করেছেন এক তরুণী। তিনি জানান, দীর্ঘদিনের প্রেমের সম্পর্কের পর প্রেমিক বিয়েতে অস্বীকৃতি জানিয়েছেন। এ ঘটনায় এলাকায় চাঞ্চল্যের সৃষ্টি হয়েছে। স্থানীয় জনপ্রতিনিধিরা বিষয়টি মীমাংসার চেষ্টা করছেন। তরুণীর পরিবার আইনি পদক্ষেপ নেওয়ার কথা জানিয়েছে। পুলিশ ঘটনাস্থল পরিদর্শন করেছে।

আজ বগুড়ার মাদক
(শেষ পাতার পর)

মাদকবিরোধী অভিযানে বিপুল পরিমাণ মাদকদ্রব্য উদ্ধার করা হয়েছে। এ সময় কয়েকজনকে গ্রেফতার করা হয়। পুলিশ জানায়, মাদকের বিরুদ্ধে জিরো টলারেন্স নীতি অব্যাহত থাকবে।

শেয়ারবাজারে ভয়াবহ
(শেষ পাতার পর)

সপ্তাহের দ্বিতীয় কার্যদিবসে দেশের শেয়ারবাজারে সূচকের বড় দরপতন হয়েছে। লেনদেনের পরিমাণও আগের দিনের তুলনায় কমেছে। বেশিরভাগ কোম্পানির শেয়ারের দাম কমেছে। বিশ্লেষকেরা বলছেন, বিনিয়োগকারীদের আস্থাহীনতার কারণে বাজারে এ অবস্থা তৈরি হয়েছে।

সপ্তাহের দ্বিতীয় কার্যদিবসে দেশের শেয়ারবাজারে সূচকের বড় দরপতন হয়েছে। লেনদেনের পরিমাণও আগের দিনের তুলনায় কমেছে। বেশিরভাগ কোম্পানির শেয়ারের দাম কমেছে। বিশ্লেষকেরা বলছেন, বিনিয়োগকারীদের আস্থাহীনতার কারণে বাজারে এ অবস্থা তৈরি হয়েছে।

রাতে ফেসবুকে ভিডিও
(শেষ পাতার পর)

সামাজিক যোগাযোগমাধ্যমে ভিডিও পোস্ট করার পর বিষয়টি ব্যাপক আলোচনার জন্ম দেয়। পরে পুলিশ বিষয়টি খতিয়ে দেখতে শুরু করে।

যাবজ্জীবন দণ্ডপ্রাপ্ত পলাতক
(শেষ পাতার পর)

দীর্ঘদিন পলাতক থাকার পর গোপন সংবাদের ভিত্তিতে তাঁকে গ্রেফতার করা হয়। আদালতের নির্দেশে তাঁকে কারাগারে পাঠানো হয়েছে।

SEIP	ADB
স্কিলস্ ফর এমপ্লয়মেন্ট ইনভেস্টমেন্ট প্রোগ্রাম (SEIP)
অর্থ বিভাগ, অর্থ মন্ত্রণালয়
গণপ্রজাতন্ত্রী বাংলাদেশ সরকারের অর্থ মন্ত্রণালয়ের সহায়তায় স্কিলস্ ফর এমপ্লয়মেন্ট ইনভেস্টমেন্ট প্রোগ্রাম (SEIP) এর আওতায় সারাদেশে ৩৪ টি সরকারি-বেসরকারি প্রশিক্ষণ কেন্দ্রে বিনামূল্যে দক্ষতা উন্নয়ন প্রশিক্ষণে ভর্তি চলছে।
SEIP এর প্রশিক্ষণ নিয়ে সহজেই চাকরি পেলাম
প্রশিক্ষণের সুবিধাদি
বিনামূল্যে হাতে-কলমে প্রশিক্ষণ
দৈনিক ১৫০ টাকা ভাতা
সফলভাবে প্রশিক্ষণ সমাপ্তকারীদের এককালীন ৫০০০ টাকা বৃত্তি
প্রশিক্ষণ শেষে সরকারি সনদ
যাদের জন্য প্রশিক্ষণ
বয়সসীমা ১৮ থেকে ৪৫ বছর নারী ও পুরুষ প্রার্থী
প্রশিক্ষণে আবেদনের জন্য
জাতীয় পরিচয়পত্র / জন্ম নিবন্ধন সনদ ও শিক্ষাগত যোগ্যতার সনদ
প্রশিক্ষণের বিষয়
ইলেকট্রিক্যাল, প্লাম্বিং, ওয়েল্ডিং, গ্রাফিক্স ডিজাইন, আইটি সাপোর্ট, ফ্রিল্যান্সিং
আপনার নিকটস্থ প্রশিক্ষণ কেন্দ্রের তথ্য জানতে যোগাযোগ করুন
হটলাইন: ০১৩২২০১১৩৮
www.seip-fd.gov.bd/course-locator/
